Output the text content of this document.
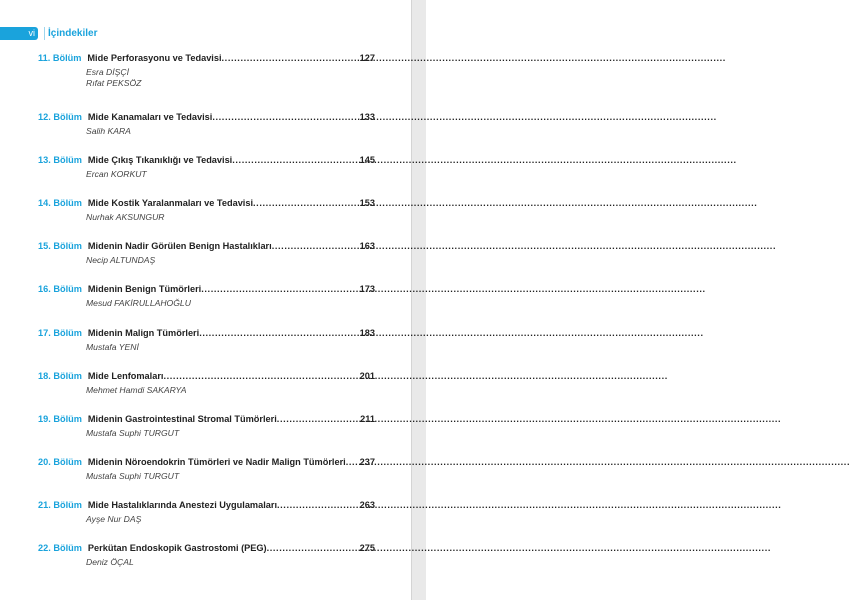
vi	İçindekiler
11. Bölüm Mide Perforasyonu ve Tedavisi .....	127
Esra DİŞÇİ
Rıfat PEKSÖZ
12. Bölüm Mide Kanamaları ve Tedavisi .....	133
Salih KARA
13. Bölüm Mide Çıkış Tıkanıklığı ve Tedavisi .....	145
Ercan KORKUT
14. Bölüm Mide Kostik Yaralanmaları ve Tedavisi .....	153
Nurhak AKSUNGUR
15. Bölüm Midenin Nadir Görülen Benign Hastalıkları .....	163
Necip ALTUNDAŞ
16. Bölüm Midenin Benign Tümörleri .....	173
Mesud FAKİRULLAHOĞLU
17. Bölüm Midenin Malign Tümörleri .....	183
Mustafa YENİ
18. Bölüm Mide Lenfomaları .....	201
Mehmet Hamdi SAKARYA
19. Bölüm Midenin Gastrointestinal Stromal Tümörleri .....	211
Mustafa Suphi TURGUT
20. Bölüm Midenin Nöroendokrin Tümörleri ve Nadir Malign Tümörleri ..... 237
Mustafa Suphi TURGUT
21. Bölüm Mide Hastalıklarında Anestezi Uygulamaları .....	263
Ayşe Nur DAŞ
22. Bölüm Perkütan Endoskopik Gastrostomi (PEG) .....	275
Deniz ÖÇAL
